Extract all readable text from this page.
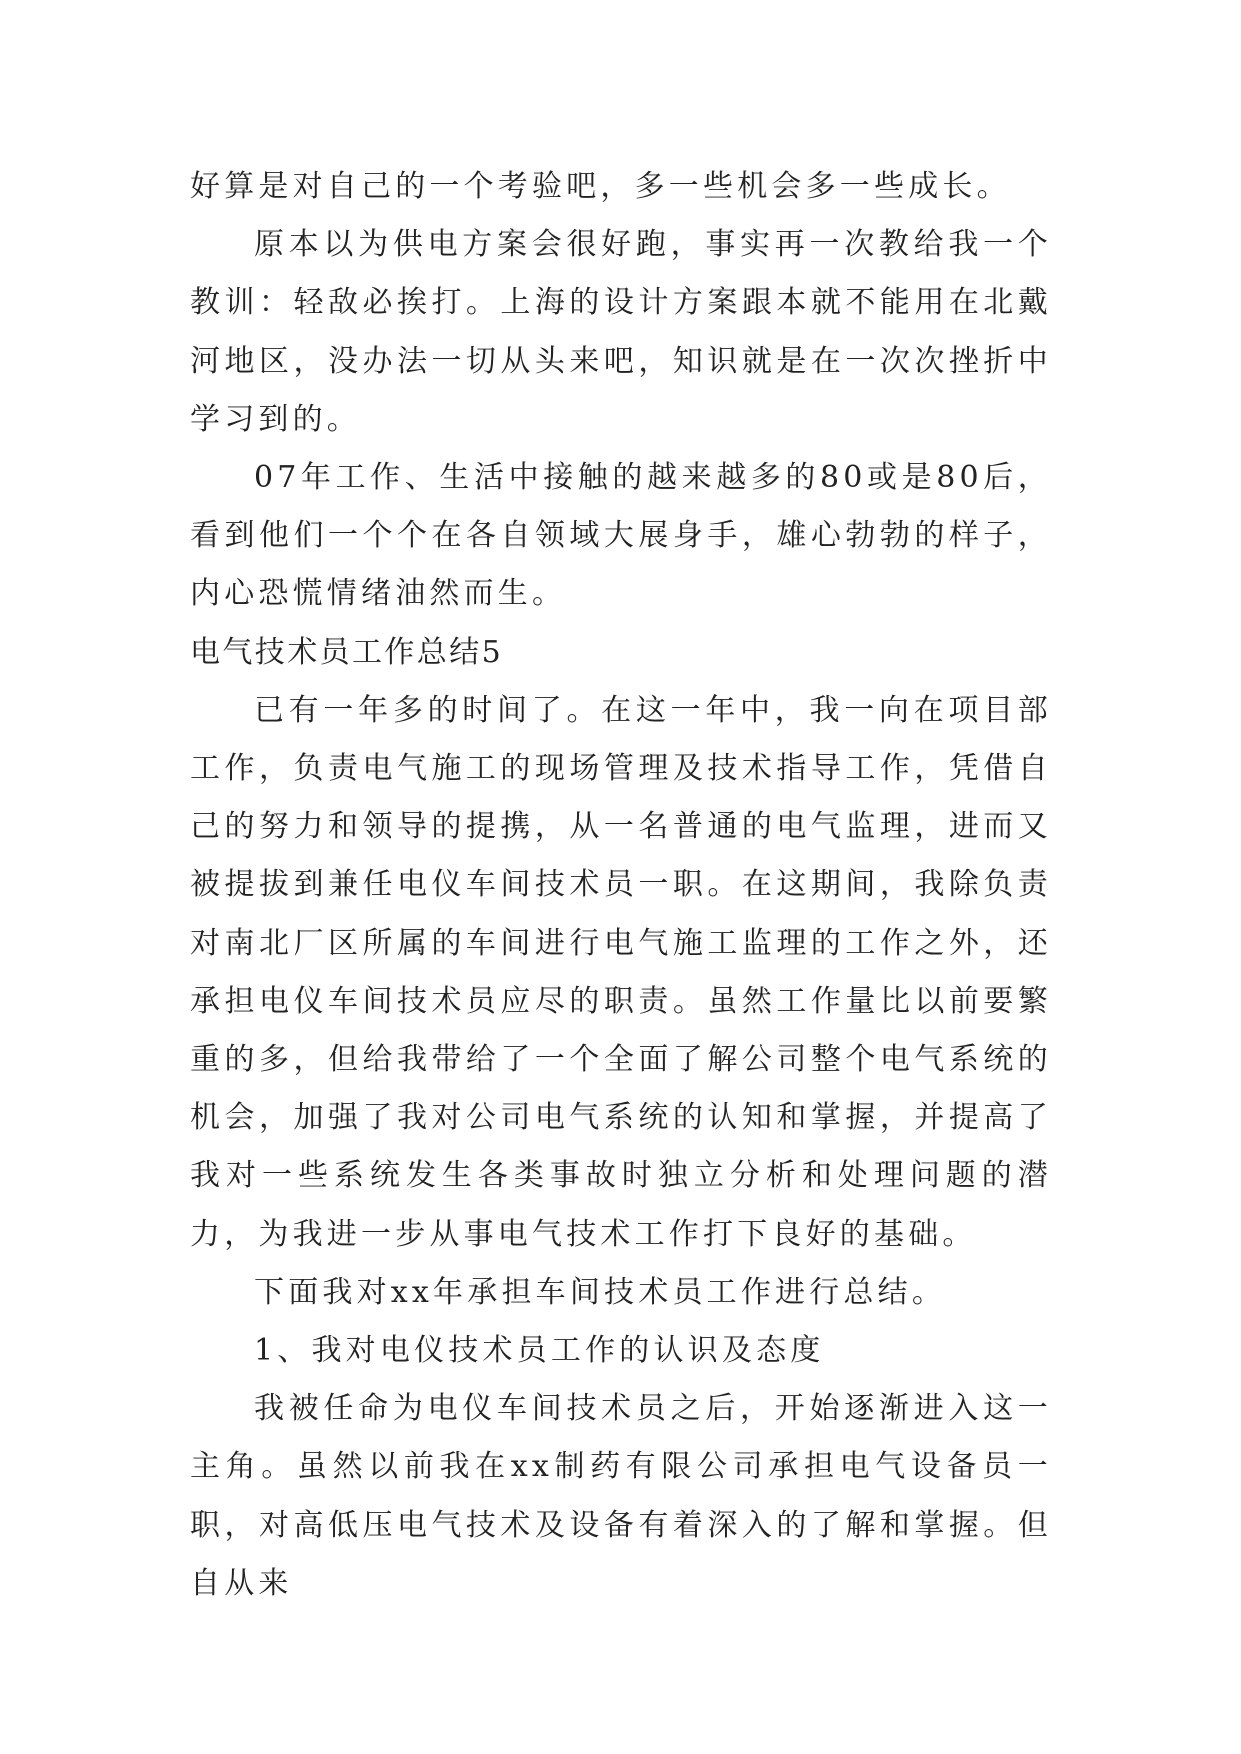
好算是对自己的一个考验吧，多一些机会多一些成长。

原本以为供电方案会很好跑，事实再一次教给我一个教训：轻敌必挨打。上海的设计方案跟本就不能用在北戴河地区，没办法一切从头来吧，知识就是在一次次挫折中学习到的。

07年工作、生活中接触的越来越多的80或是80后，看到他们一个个在各自领域大展身手，雄心勃勃的样子，内心恐慌情绪油然而生。

电气技术员工作总结5

已有一年多的时间了。在这一年中，我一向在项目部工作，负责电气施工的现场管理及技术指导工作，凭借自己的努力和领导的提携，从一名普通的电气监理，进而又被提拔到兼任电仪车间技术员一职。在这期间，我除负责对南北厂区所属的车间进行电气施工监理的工作之外，还承担电仪车间技术员应尽的职责。虽然工作量比以前要繁重的多，但给我带给了一个全面了解公司整个电气系统的机会，加强了我对公司电气系统的认知和掌握，并提高了我对一些系统发生各类事故时独立分析和处理问题的潜力，为我进一步从事电气技术工作打下良好的基础。

下面我对xx年承担车间技术员工作进行总结。

1、我对电仪技术员工作的认识及态度

我被任命为电仪车间技术员之后，开始逐渐进入这一主角。虽然以前我在xx制药有限公司承担电气设备员一职，对高低压电气技术及设备有着深入的了解和掌握。但自从来
